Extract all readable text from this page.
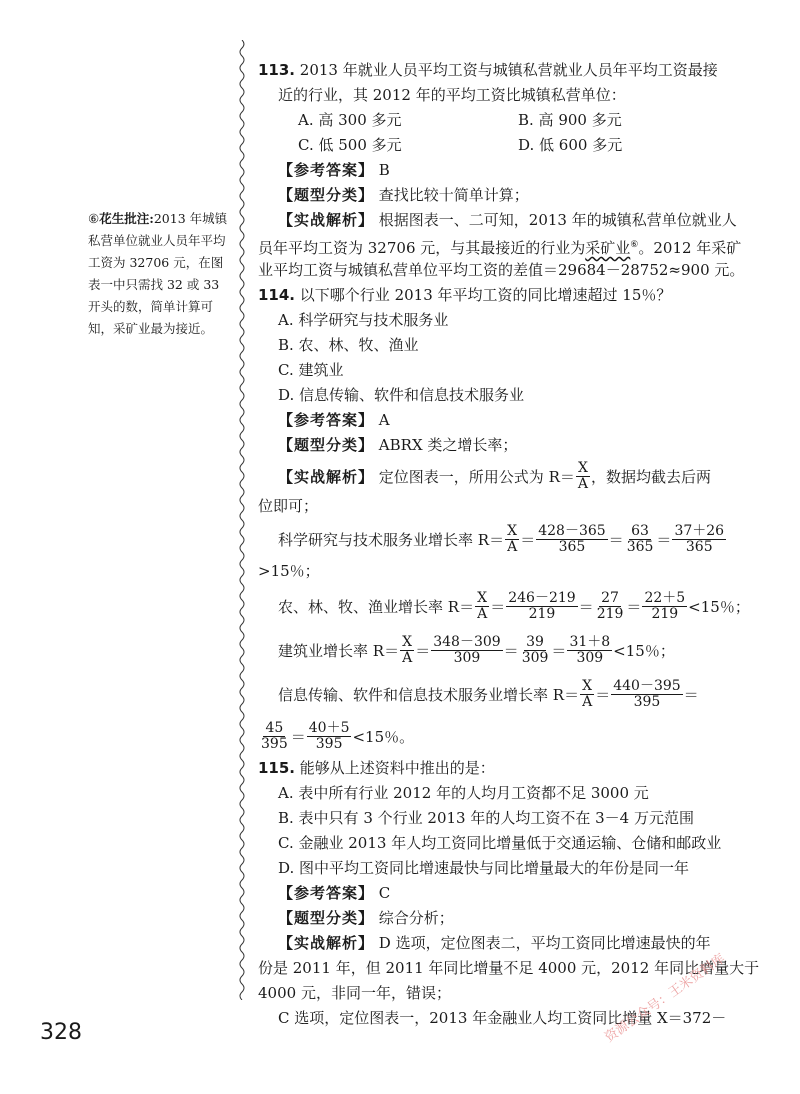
⑥花生批注:2013 年城镇私营单位就业人员年平均工资为 32706 元，在图表一中只需找 32 或 33 开头的数，简单计算可知，采矿业最为接近。
113. 2013 年就业人员平均工资与城镇私营就业人员年平均工资最接
近的行业，其 2012 年的平均工资比城镇私营单位：
A. 高 300 多元	B. 高 900 多元
C. 低 500 多元	D. 低 600 多元
【参考答案】 B
【题型分类】 查找比较十简单计算；
【实战解析】 根据图表一、二可知，2013 年的城镇私营单位就业人
员年平均工资为 32706 元，与其最接近的行业为采矿业⑥。2012 年采矿
业平均工资与城镇私营单位平均工资的差值＝29684－28752≈900 元。
114. 以下哪个行业 2013 年平均工资的同比增速超过 15％？
A. 科学研究与技术服务业
B. 农、林、牧、渔业
C. 建筑业
D. 信息传输、软件和信息技术服务业
【参考答案】 A
【题型分类】 ABRX 类之增长率；
【实战解析】
定位图表一，所用公式为 $R= \frac{X}{A}$ ，数据均截去后两
位即可；
科学研究与技术服务业增长率 $R= \frac{X}{A} = \frac{428-365}{365} = \frac{63}{365} = \frac{37+26}{365}$
>15％；
农、林、牧、渔业增长率 $R= \frac{X}{A} = \frac{246-219}{219} = \frac{27}{219} = \frac{22+5}{219} <15$％；
建筑业增长率 $R= \frac{X}{A} = \frac{348-309}{309} = \frac{39}{309} = \frac{31+8}{309} <15$％；
信息传输、软件和信息技术服务业增长率 $R= \frac{X}{A} = \frac{440-395}{395}$ ＝
$\frac{45}{395} = \frac{40+5}{395} <15$％。
115. 能够从上述资料中推出的是：
A. 表中所有行业 2012 年的人均月工资都不足 3000 元
B. 表中只有 3 个行业 2013 年的人均工资不在 3－4 万元范围
C. 金融业 2013 年人均工资同比增量低于交通运输、仓储和邮政业
D. 图中平均工资同比增速最快与同比增量最大的年份是同一年
【参考答案】 C
【题型分类】 综合分析；
【实战解析】 D 选项，定位图表二，平均工资同比增速最快的年
份是 2011 年，但 2011 年同比增量不足 4000 元，2012 年同比增量大于
4000 元，非同一年，错误；
C 选项，定位图表一，2013 年金融业人均工资同比增量 X＝372－
328	资源公众号：王米资料库
